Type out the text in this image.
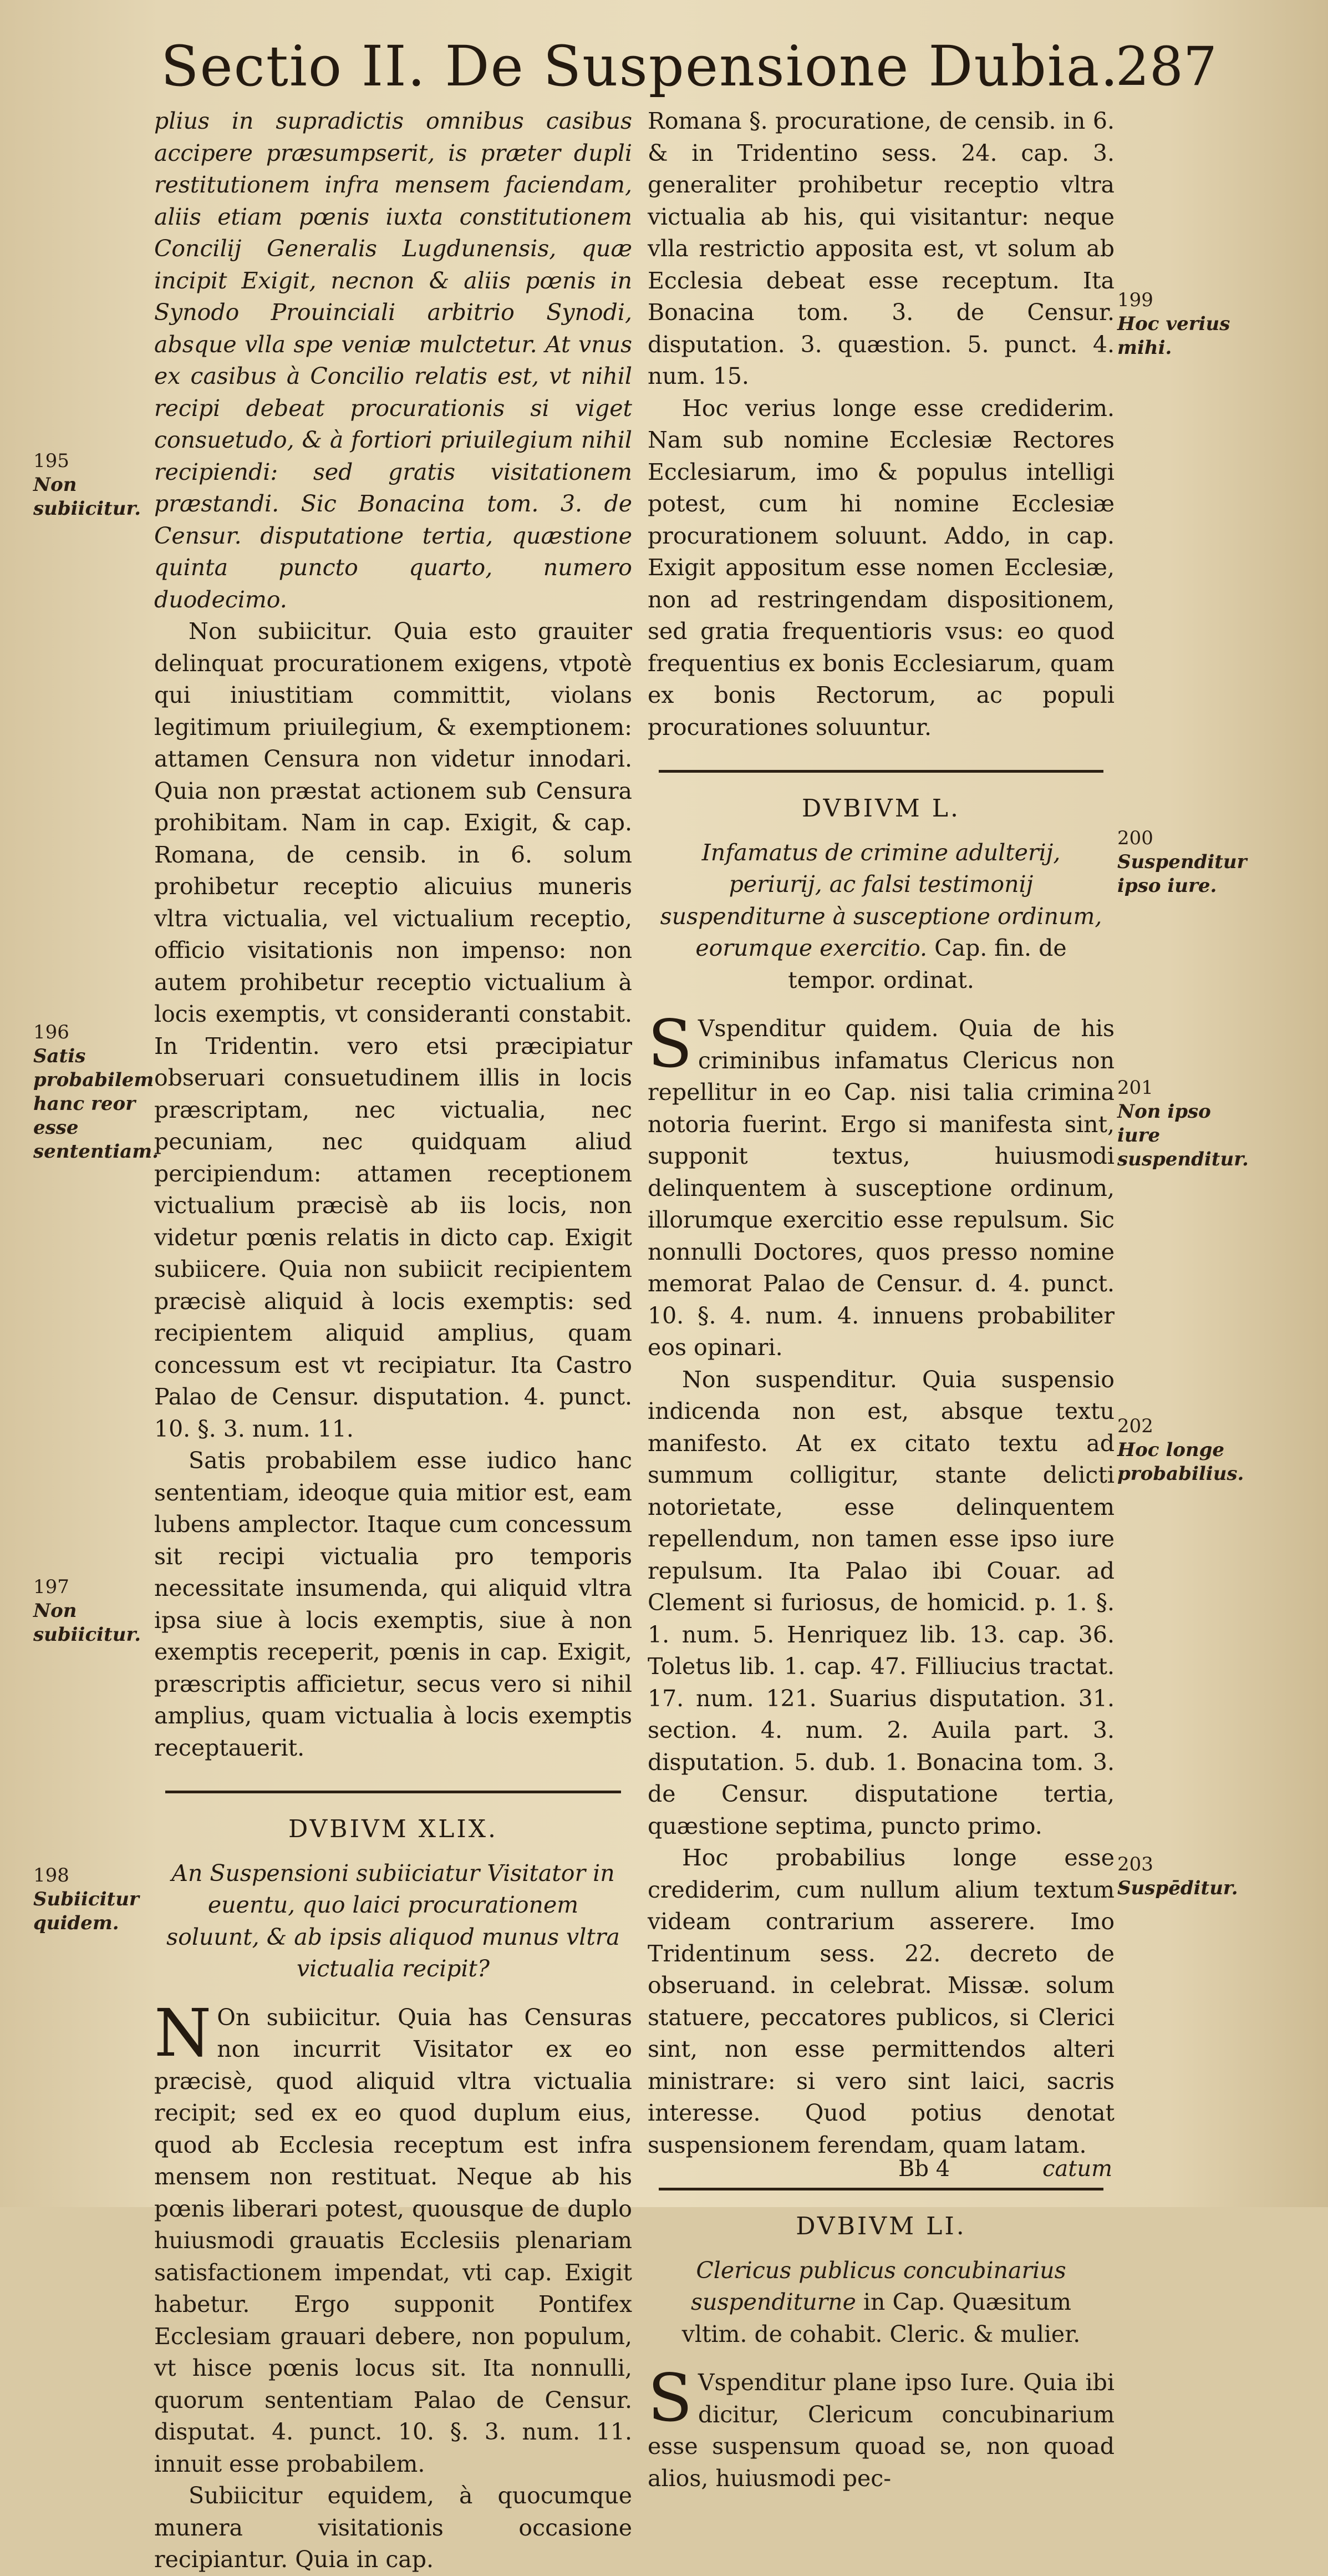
Sectio II. De Suspensione Dubia.
287

plius in supradictis omnibus casibus accipere præsumpserit, is præter dupli restitutionem infra mensem faciendam, aliis etiam pœnis iuxta constitutionem Concilij Generalis Lugdunensis, quæ incipit Exigit, necnon & aliis pœnis in Synodo Prouinciali arbitrio Synodi, absque vlla spe veniæ mulctetur. At vnus ex casibus à Concilio relatis est, vt nihil recipi debeat procurationis si viget consuetudo, & à fortiori priuilegium nihil recipiendi: sed gratis visitationem præstandi. Sic Bonacina tom. 3. de Censur. disputatione tertia, quæstione quinta puncto quarto, numero duodecimo.

Non subiicitur. Quia esto grauiter delinquat procurationem exigens, vtpotè qui iniustitiam committit, violans legitimum priuilegium, & exemptionem: attamen Censura non videtur innodari. Quia non præstat actionem sub Censura prohibitam. Nam in cap. Exigit, & cap. Romana, de censib. in 6. solum prohibetur receptio alicuius muneris vltra victualia, vel victualium receptio, officio visitationis non impenso: non autem prohibetur receptio victualium à locis exemptis, vt consideranti constabit. In Tridentin. vero etsi præcipiatur obseruari consuetudinem illis in locis præscriptam, nec victualia, nec pecuniam, nec quidquam aliud percipiendum: attamen receptionem victualium præcisè ab iis locis, non videtur pœnis relatis in dicto cap. Exigit subiicere. Quia non subiicit recipientem præcisè aliquid à locis exemptis: sed recipientem aliquid amplius, quam concessum est vt recipiatur. Ita Castro Palao de Censur. disputation. 4. punct. 10. §. 3. num. 11.

Satis probabilem esse iudico hanc sententiam, ideoque quia mitior est, eam lubens amplector. Itaque cum concessum sit recipi victualia pro temporis necessitate insumenda, qui aliquid vltra ipsa siue à locis exemptis, siue à non exemptis receperit, pœnis in cap. Exigit, præscriptis afficietur, secus vero si nihil amplius, quam victualia à locis exemptis receptauerit.

DVBIVM XLIX.
An Suspensioni subiiciatur Visitator in euentu, quo laici procurationem soluunt, & ab ipsis aliquod munus vltra victualia recipit?

N On subiicitur. Quia has Censuras non incurrit Visitator ex eo præcisè, quod aliquid vltra victualia recipit; sed ex eo quod duplum eius, quod ab Ecclesia receptum est infra mensem non restituat. Neque ab his pœnis liberari potest, quousque de duplo huiusmodi grauatis Ecclesiis plenariam satisfactionem impendat, vti cap. Exigit habetur. Ergo supponit Pontifex Ecclesiam grauari debere, non populum, vt hisce pœnis locus sit. Ita nonnulli, quorum sententiam Palao de Censur. disputat. 4. punct. 10. §. 3. num. 11. innuit esse probabilem.

Subiicitur equidem, à quocumque munera visitationis occasione recipiantur. Quia in cap.

Romana §. procuratione, de censib. in 6. & in Tridentino sess. 24. cap. 3. generaliter prohibetur receptio vltra victualia ab his, qui visitantur: neque vlla restrictio apposita est, vt solum ab Ecclesia debeat esse receptum. Ita Bonacina tom. 3. de Censur. disputation. 3. quæstion. 5. punct. 4. num. 15.

Hoc verius longe esse crediderim. Nam sub nomine Ecclesiæ Rectores Ecclesiarum, imo & populus intelligi potest, cum hi nomine Ecclesiæ procurationem soluunt. Addo, in cap. Exigit appositum esse nomen Ecclesiæ, non ad restringendam dispositionem, sed gratia frequentioris vsus: eo quod frequentius ex bonis Ecclesiarum, quam ex bonis Rectorum, ac populi procurationes soluuntur.

DVBIVM L.
Infamatus de crimine adulterij, periurij, ac falsi testimonij suspenditurne à susceptione ordinum, eorumque exercitio. Cap. fin. de tempor. ordinat.

S Vspenditur quidem. Quia de his criminibus infamatus Clericus non repellitur in eo Cap. nisi talia crimina notoria fuerint. Ergo si manifesta sint, supponit textus, huiusmodi delinquentem à susceptione ordinum, illorumque exercitio esse repulsum. Sic nonnulli Doctores, quos presso nomine memorat Palao de Censur. d. 4. punct. 10. §. 4. num. 4. innuens probabiliter eos opinari.

Non suspenditur. Quia suspensio indicenda non est, absque textu manifesto. At ex citato textu ad summum colligitur, stante delicti notorietate, esse delinquentem repellendum, non tamen esse ipso iure repulsum. Ita Palao ibi Couar. ad Clement si furiosus, de homicid. p. 1. §. 1. num. 5. Henriquez lib. 13. cap. 36. Toletus lib. 1. cap. 47. Filliucius tractat. 17. num. 121. Suarius disputation. 31. section. 4. num. 2. Auila part. 3. disputation. 5. dub. 1. Bonacina tom. 3. de Censur. disputatione tertia, quæstione septima, puncto primo.

Hoc probabilius longe esse crediderim, cum nullum alium textum videam contrarium asserere. Imo Tridentinum sess. 22. decreto de obseruand. in celebrat. Missæ. solum statuere, peccatores publicos, si Clerici sint, non esse permittendos alteri ministrare: si vero sint laici, sacris interesse. Quod potius denotat suspensionem ferendam, quam latam.

DVBIVM LI.
Clericus publicus concubinarius suspenditurne in Cap. Quæsitum vltim. de cohabit. Cleric. & mulier.

S Vspenditur plane ipso Iure. Quia ibi dicitur, Clericum concubinarium esse suspensum quoad se, non quoad alios, huiusmodi pec-

195
Non subiicitur.
196
Satis probabilem hanc reor esse sententiam.
197
Non subiicitur.
198
Subiicitur quidem.
199
Hoc verius mihi.
200
Suspenditur ipso iure.
201
Non ipso iure suspenditur.
202
Hoc longe probabilius.
203
Suspēditur.
Bb 4	catum
